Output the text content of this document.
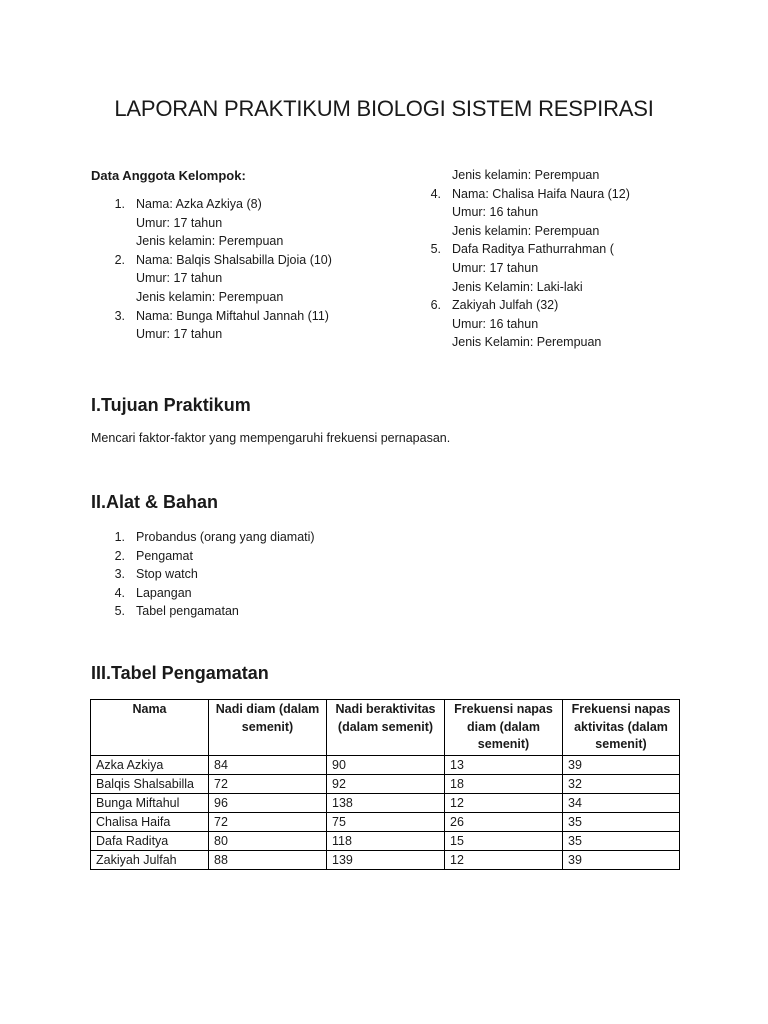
LAPORAN PRAKTIKUM BIOLOGI SISTEM RESPIRASI
Data Anggota Kelompok:
1. Nama: Azka Azkiya (8)
Umur: 17 tahun
Jenis kelamin: Perempuan
2. Nama: Balqis Shalsabilla Djoia (10)
Umur: 17 tahun
Jenis kelamin: Perempuan
3. Nama: Bunga Miftahul Jannah (11)
Umur: 17 tahun
Jenis kelamin: Perempuan
4. Nama: Chalisa Haifa Naura (12)
Umur: 16 tahun
Jenis kelamin: Perempuan
5. Dafa Raditya Fathurrahman (
Umur: 17 tahun
Jenis Kelamin: Laki-laki
6. Zakiyah Julfah (32)
Umur: 16 tahun
Jenis Kelamin: Perempuan
I.Tujuan Praktikum
Mencari faktor-faktor yang mempengaruhi frekuensi pernapasan.
II.Alat & Bahan
1. Probandus (orang yang diamati)
2. Pengamat
3. Stop watch
4. Lapangan
5. Tabel pengamatan
III.Tabel Pengamatan
Nama	Nadi diam (dalam semenit)	Nadi beraktivitas (dalam semenit)	Frekuensi napas diam (dalam semenit)	Frekuensi napas aktivitas (dalam semenit)
Azka Azkiya	84	90	13	39
Balqis Shalsabilla	72	92	18	32
Bunga Miftahul	96	138	12	34
Chalisa Haifa	72	75	26	35
Dafa Raditya	80	118	15	35
Zakiyah Julfah	88	139	12	39
